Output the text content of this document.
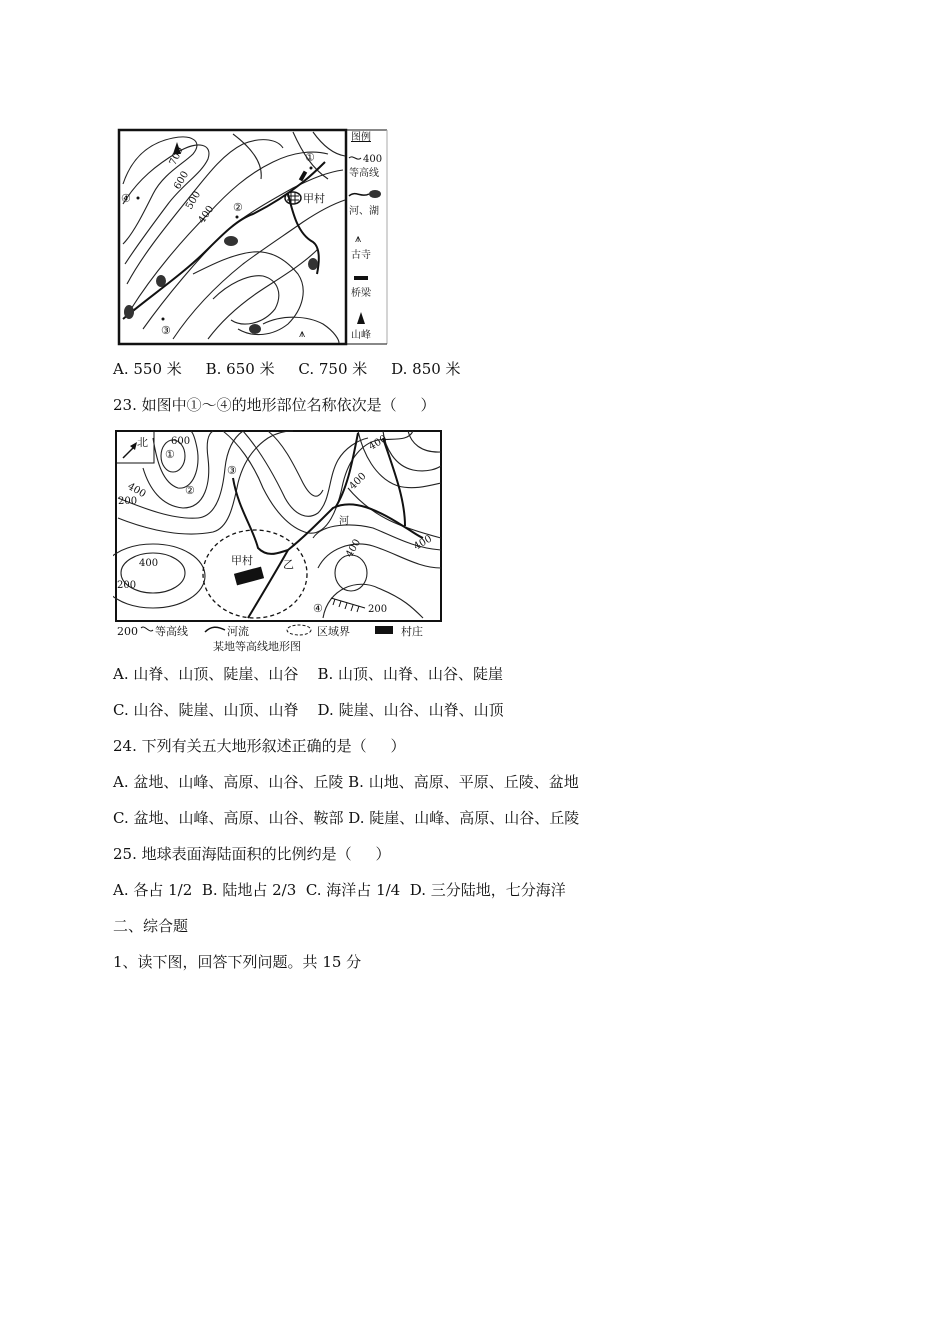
甲村
⩚
700
600
500
400
①
②
③
④
图例
400
等高线
河、湖
⩚
古寺
桥梁
山峰
A. 550 米     B. 650 米     C. 750 米     D. 850 米
23. 如图中①～④的地形部位名称依次是（     ）
北
甲村	乙
河
600
400
200
400
400
400
200
400
400
200
①
②
③
④
200 等高线	河流	区域界	村庄
某地等高线地形图
A. 山脊、山顶、陡崖、山谷    B. 山顶、山脊、山谷、陡崖
C. 山谷、陡崖、山顶、山脊    D. 陡崖、山谷、山脊、山顶
24. 下列有关五大地形叙述正确的是（     ）
A. 盆地、山峰、高原、山谷、丘陵 B. 山地、高原、平原、丘陵、盆地
C. 盆地、山峰、高原、山谷、鞍部 D. 陡崖、山峰、高原、山谷、丘陵
25. 地球表面海陆面积的比例约是（     ）
A. 各占 1/2  B. 陆地占 2/3  C. 海洋占 1/4  D. 三分陆地，七分海洋
二、综合题
1、读下图，回答下列问题。共 15 分
